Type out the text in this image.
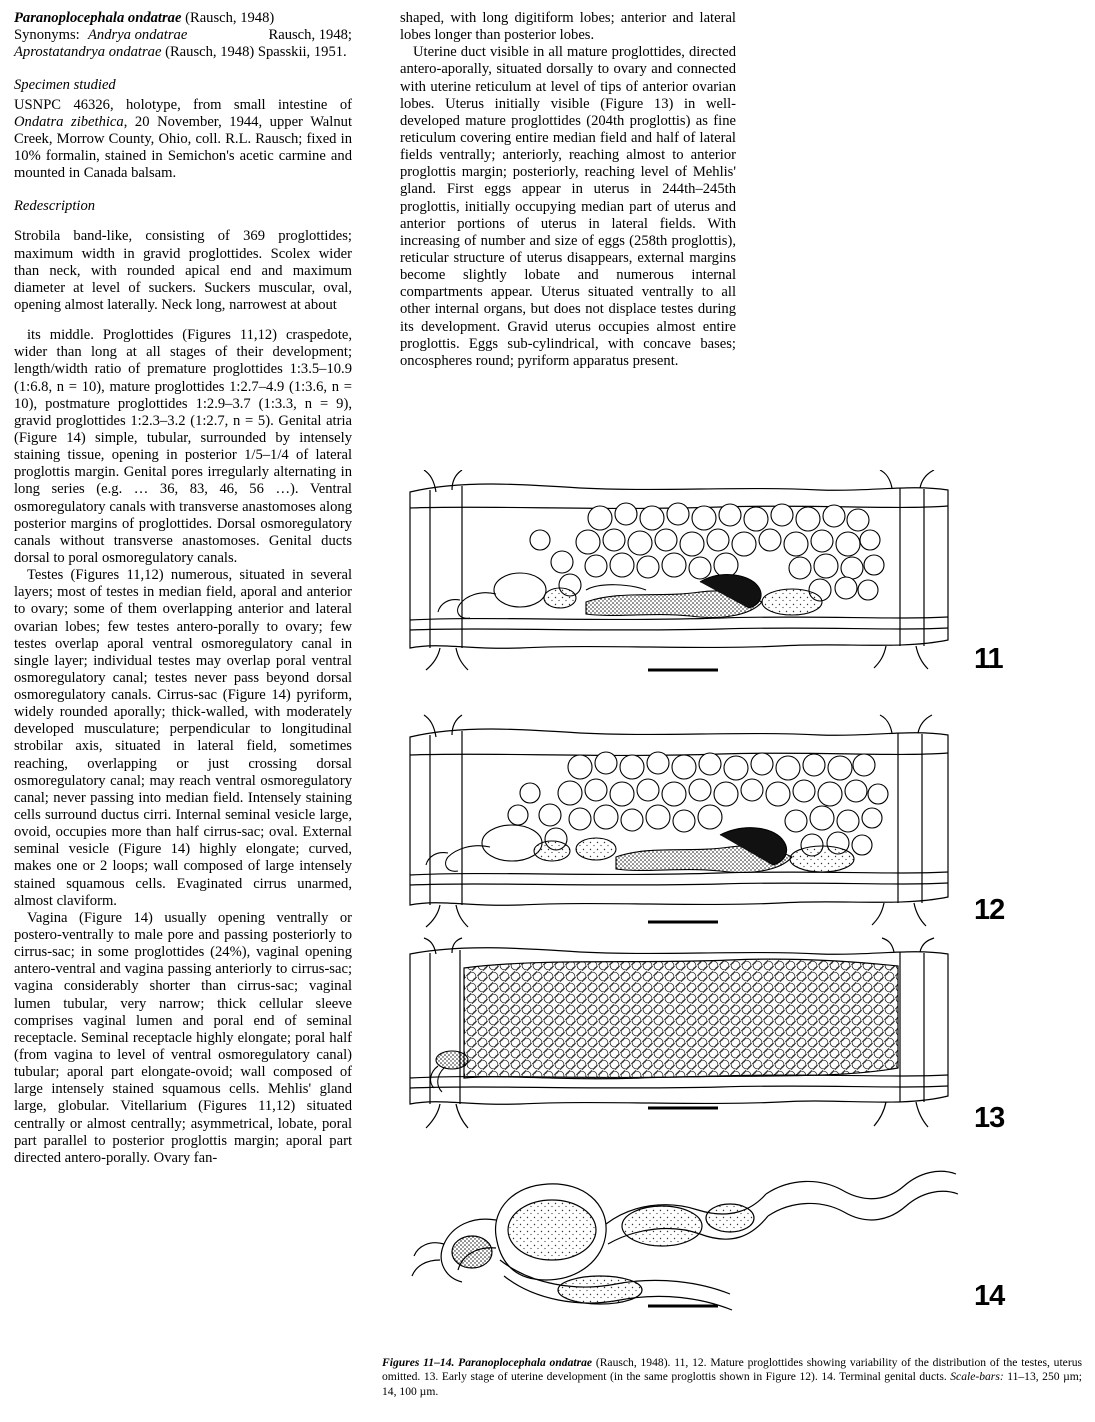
Paranoplocephala ondatrae (Rausch, 1948)

Synonyms:	Andrya ondatrae	Rausch, 1948;

Aprostatandrya ondatrae (Rausch, 1948) Spasskii, 1951.

Specimen studied

USNPC 46326, holotype, from small intestine of Ondatra zibethica, 20 November, 1944, upper Walnut Creek, Morrow County, Ohio, coll. R.L. Rausch; fixed in 10% formalin, stained in Semichon's acetic carmine and mounted in Canada balsam.

Redescription

Strobila band-like, consisting of 369 proglottides; maximum width in gravid proglottides. Scolex wider than neck, with rounded apical end and maximum diameter at level of suckers. Suckers muscular, oval, opening almost laterally. Neck long, narrowest at about

its middle. Proglottides (Figures 11,12) craspedote, wider than long at all stages of their development; length/width ratio of premature proglottides 1:3.5–10.9 (1:6.8, n = 10), mature proglottides 1:2.7–4.9 (1:3.6, n = 10), postmature proglottides 1:2.9–3.7 (1:3.3, n = 9), gravid proglottides 1:2.3–3.2 (1:2.7, n = 5). Genital atria (Figure 14) simple, tubular, surrounded by intensely staining tissue, opening in posterior 1/5–1/4 of lateral proglottis margin. Genital pores irregularly alternating in long series (e.g. … 36, 83, 46, 56 …). Ventral osmoregulatory canals with transverse anastomoses along posterior margins of proglottides. Dorsal osmoregulatory canals without transverse anastomoses. Genital ducts dorsal to poral osmoregulatory canals.

Testes (Figures 11,12) numerous, situated in several layers; most of testes in median field, aporal and anterior to ovary; some of them overlapping anterior and lateral ovarian lobes; few testes antero-porally to ovary; few testes overlap aporal ventral osmoregulatory canal in single layer; individual testes may overlap poral ventral osmoregulatory canal; testes never pass beyond dorsal osmoregulatory canals. Cirrus-sac (Figure 14) pyriform, widely rounded aporally; thick-walled, with moderately developed musculature; perpendicular to longitudinal strobilar axis, situated in lateral field, sometimes reaching, overlapping or just crossing dorsal osmoregulatory canal; may reach ventral osmoregulatory canal; never passing into median field. Intensely staining cells surround ductus cirri. Internal seminal vesicle large, ovoid, occupies more than half cirrus-sac; oval. External seminal vesicle (Figure 14) highly elongate; curved, makes one or 2 loops; wall composed of large intensely stained squamous cells. Evaginated cirrus unarmed, almost claviform.

Vagina (Figure 14) usually opening ventrally or postero-ventrally to male pore and passing posteriorly to cirrus-sac; in some proglottides (24%), vaginal opening antero-ventral and vagina passing anteriorly to cirrus-sac; vagina considerably shorter than cirrus-sac; vaginal lumen tubular, very narrow; thick cellular sleeve comprises vaginal lumen and poral end of seminal receptacle. Seminal receptacle highly elongate; poral half (from vagina to level of ventral osmoregulatory canal) tubular; aporal part elongate-ovoid; wall composed of large intensely stained squamous cells. Mehlis' gland large, globular. Vitellarium (Figures 11,12) situated centrally or almost centrally; asymmetrical, lobate, poral part parallel to posterior proglottis margin; aporal part directed antero-porally. Ovary fan-

shaped, with long digitiform lobes; anterior and lateral lobes longer than posterior lobes.

Uterine duct visible in all mature proglottides, directed antero-aporally, situated dorsally to ovary and connected with uterine reticulum at level of tips of anterior ovarian lobes. Uterus initially visible (Figure 13) in well-developed mature proglottides (204th proglottis) as fine reticulum covering entire median field and half of lateral fields ventrally; anteriorly, reaching almost to anterior proglottis margin; posteriorly, reaching level of Mehlis' gland. First eggs appear in uterus in 244th–245th proglottis, initially occupying median part of uterus and anterior portions of uterus in lateral fields. With increasing of number and size of eggs (258th proglottis), reticular structure of uterus disappears, external margins become slightly lobate and numerous internal compartments appear. Uterus situated ventrally to all other internal organs, but does not displace testes during its development. Gravid uterus occupies almost entire proglottis. Eggs sub-cylindrical, with concave bases; oncospheres round; pyriform apparatus present.

11
12
13
14
Figures 11–14. Paranoplocephala ondatrae (Rausch, 1948). 11, 12. Mature proglottides showing variability of the distribution of the testes, uterus omitted. 13. Early stage of uterine development (in the same proglottis shown in Figure 12). 14. Terminal genital ducts. Scale-bars: 11–13, 250 µm; 14, 100 µm.
